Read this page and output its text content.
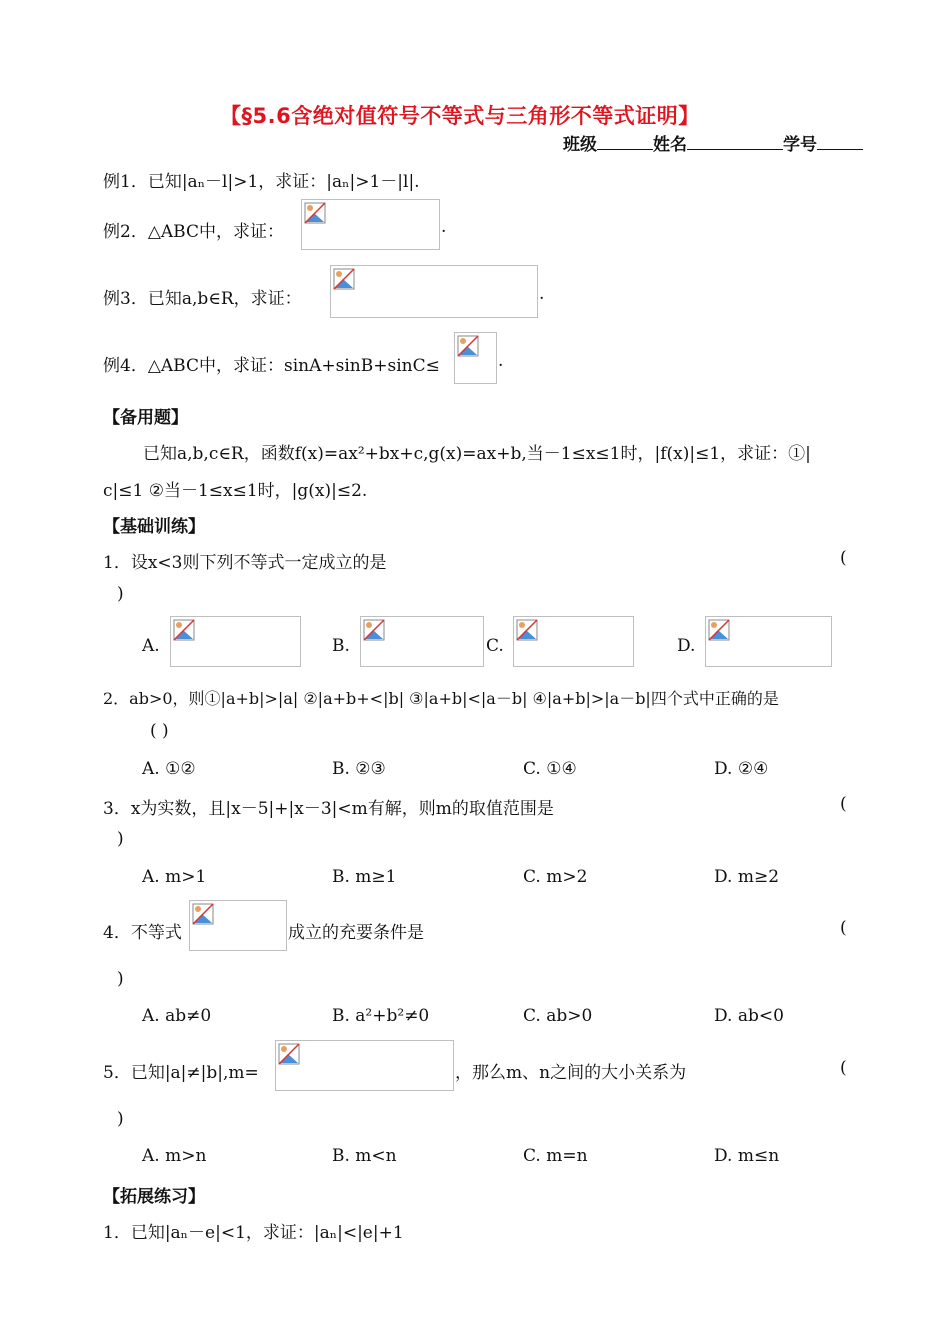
【§5.6含绝对值符号不等式与三角形不等式证明】
班级	姓名	学号
例1．已知|aₙ－l|>1，求证：|aₙ|>1－|l|.
例2．△ABC中，求证：	.
例3．已知a,b∈R，求证：	.
例4．△ABC中，求证：sinA+sinB+sinC≤	.
【备用题】
已知a,b,c∈R，函数f(x)=ax²+bx+c,g(x)=ax+b,当－1≤x≤1时，|f(x)|≤1，求证：①|
c|≤1 ②当－1≤x≤1时，|g(x)|≤2.
【基础训练】
1．设x<3则下列不等式一定成立的是	(
)
A.	B.	C.	D.
2．ab>0，则①|a+b|>|a| ②|a+b+<|b| ③|a+b|<|a－b| ④|a+b|>|a－b|四个式中正确的是
( )
A. ①②	B. ②③	C. ①④	D. ②④
3．x为实数，且|x－5|+|x－3|<m有解，则m的取值范围是	(
)
A. m>1	B. m≥1	C. m>2	D. m≥2
4．不等式	成立的充要条件是	(
)
A. ab≠0	B. a²+b²≠0	C. ab>0	D. ab<0
5．已知|a|≠|b|,m=	，那么m、n之间的大小关系为	(
)
A. m>n	B. m<n	C. m=n	D. m≤n
【拓展练习】
1．已知|aₙ－e|<1，求证：|aₙ|<|e|+1
